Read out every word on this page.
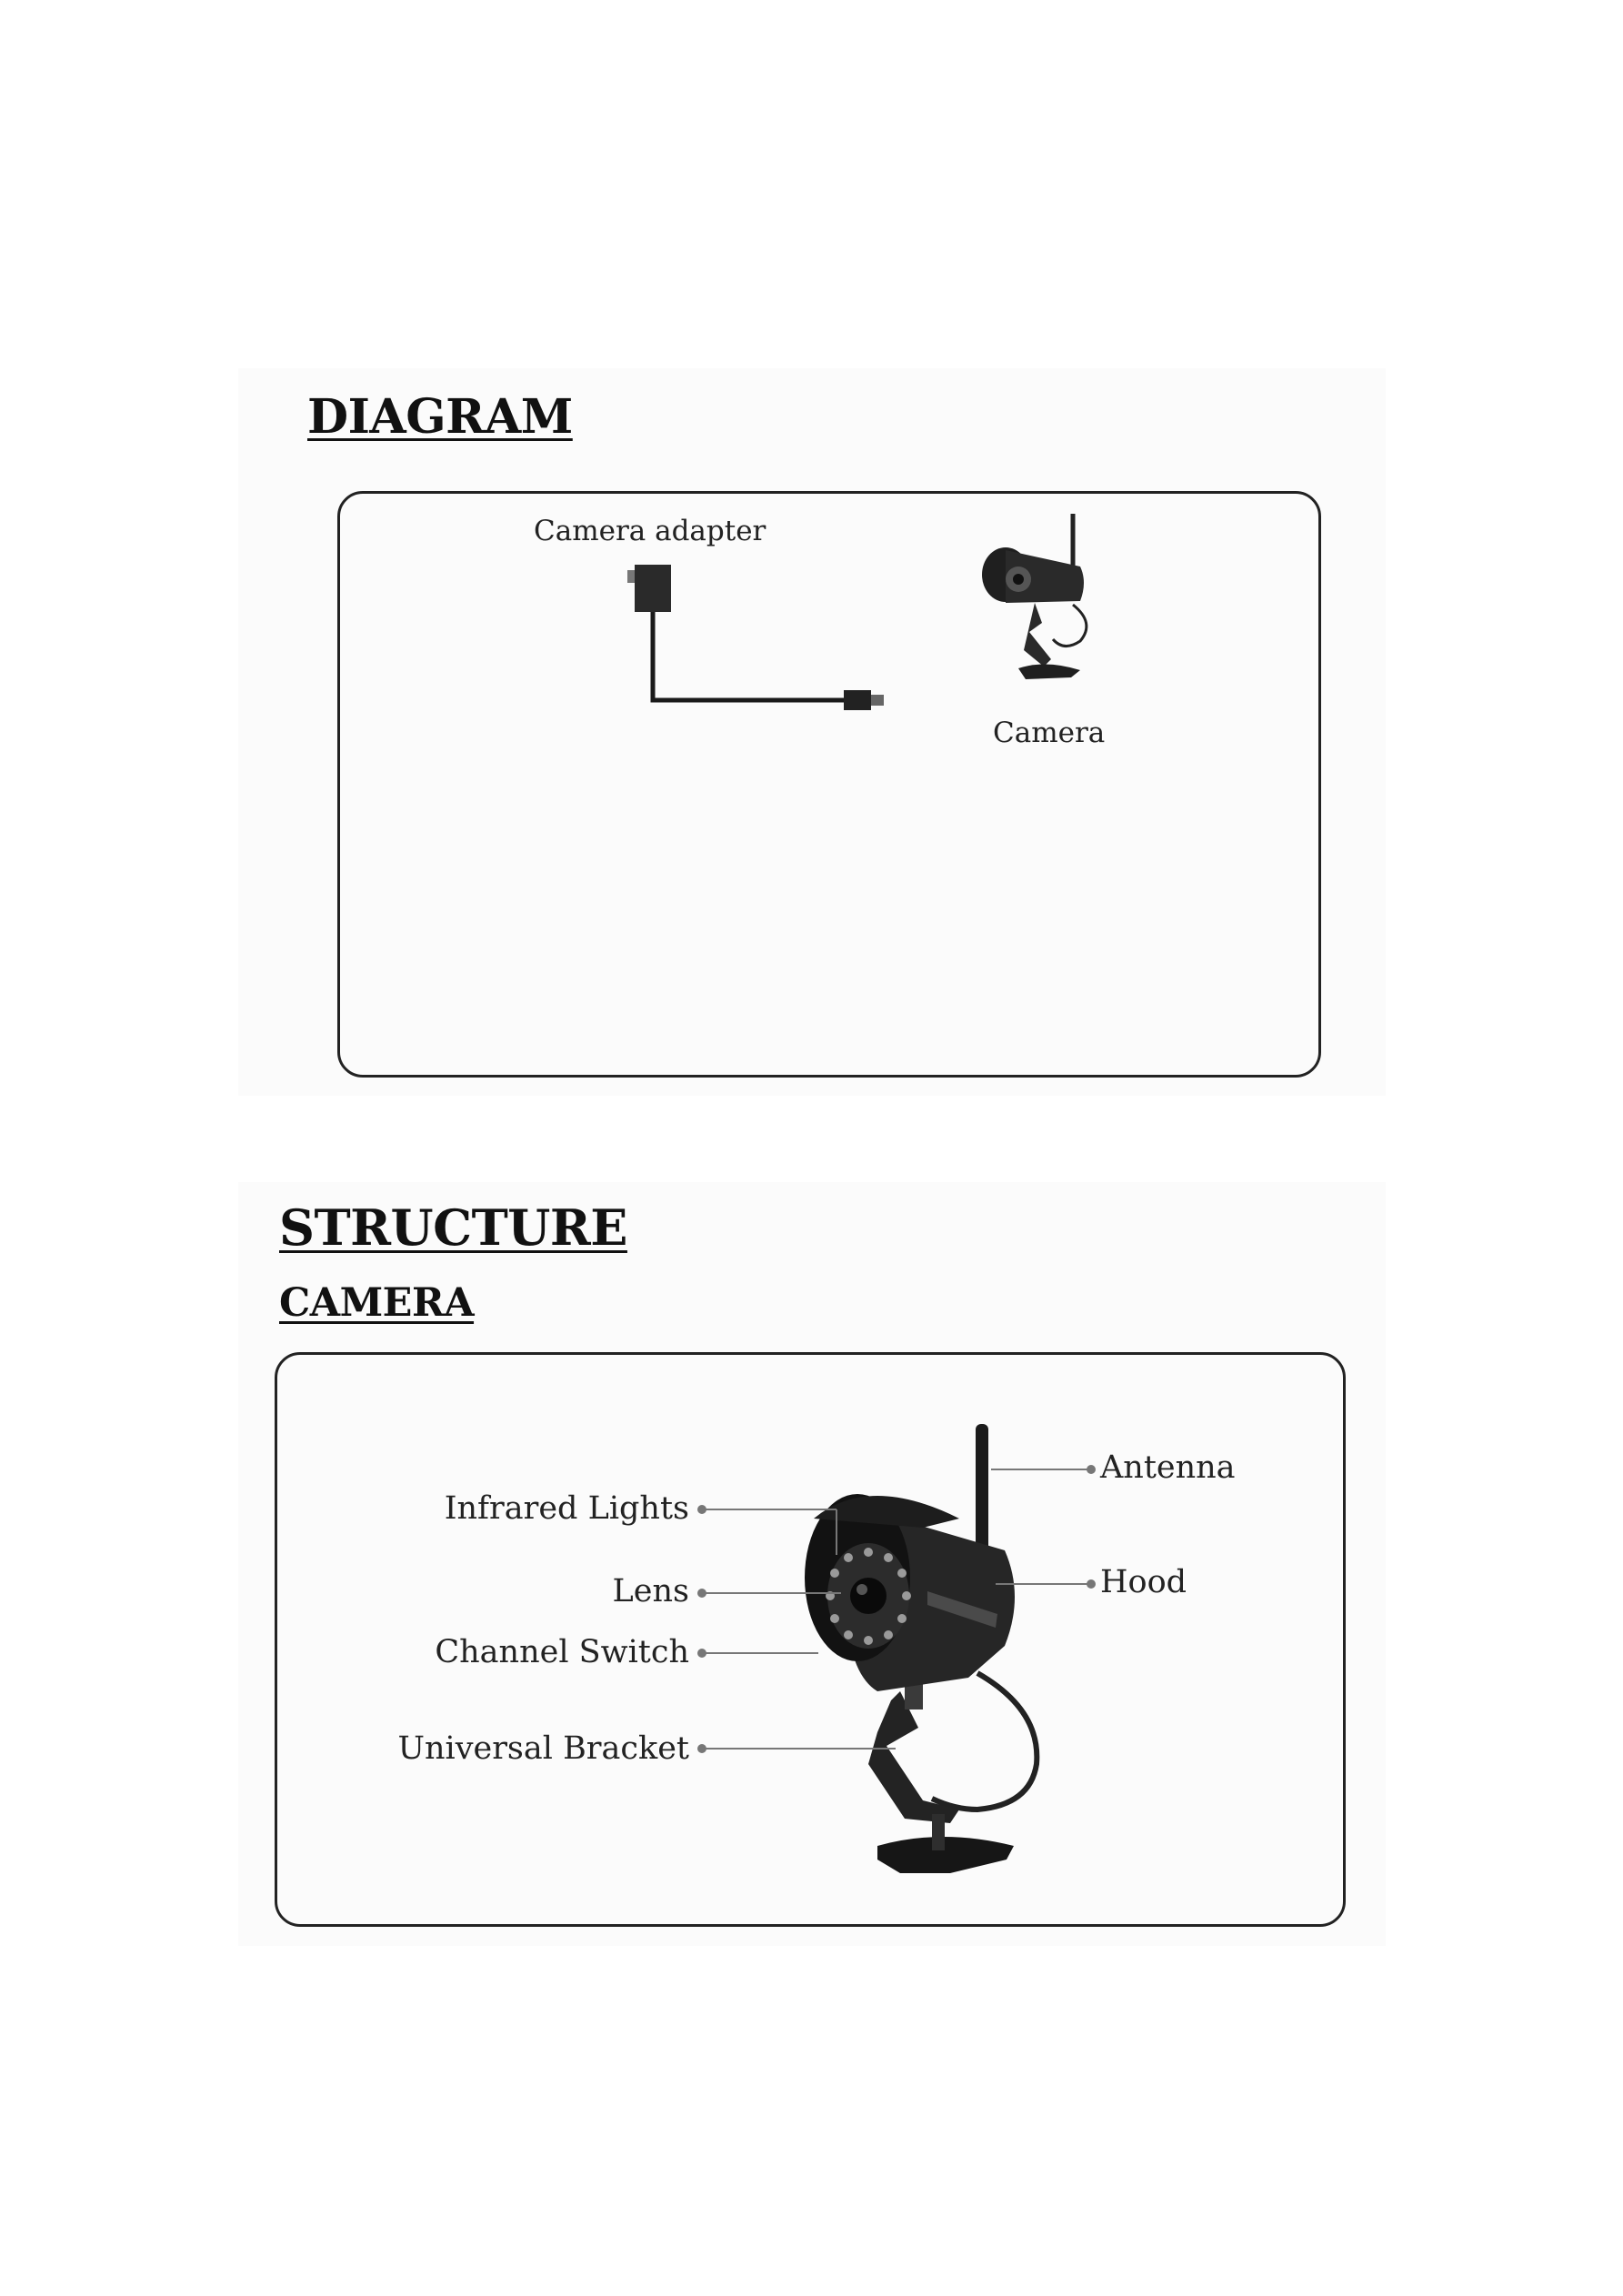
DIAGRAM
Camera adapter
Camera
STRUCTURE
CAMERA
Infrared Lights
Lens
Channel Switch
Universal Bracket
Antenna
Hood
